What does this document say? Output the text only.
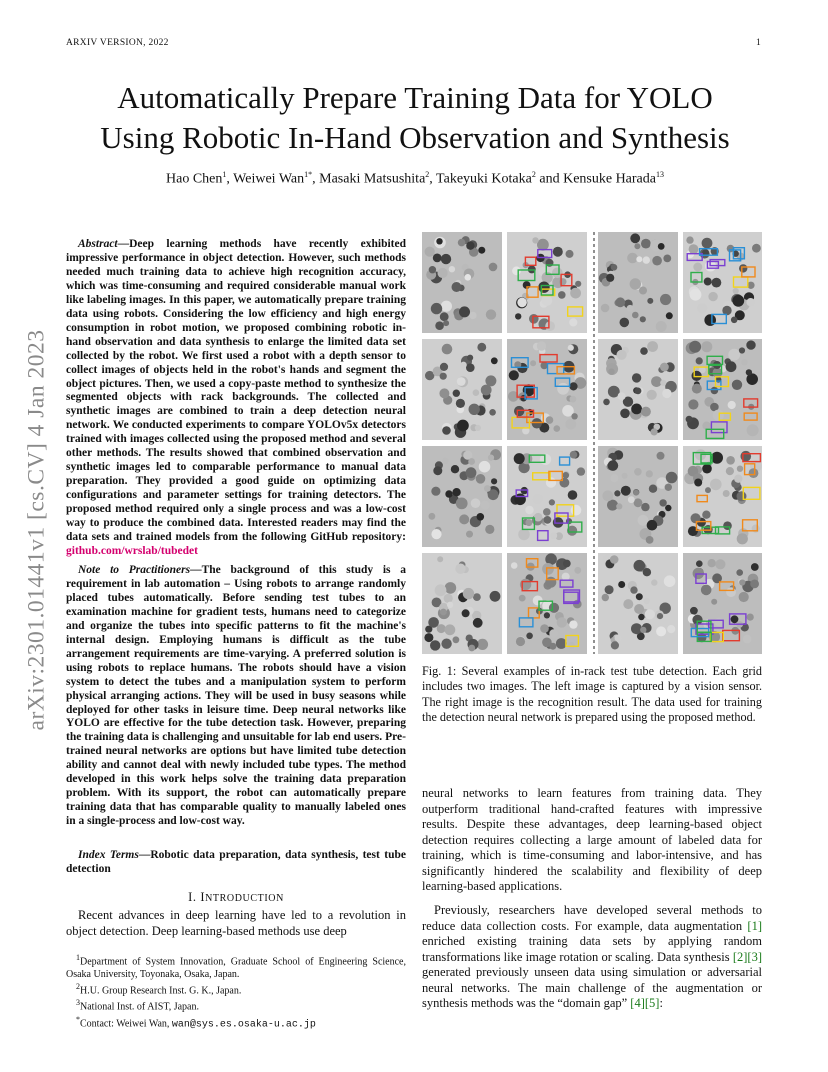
ARXIV VERSION, 2022	1
arXiv:2301.01441v1 [cs.CV] 4 Jan 2023
Automatically Prepare Training Data for YOLO
Using Robotic In-Hand Observation and Synthesis
Hao Chen$^1$, Weiwei Wan$^{1*}$, Masaki Matsushita$^2$, Takeyuki Kotaka$^2$ and Kensuke Harada$^{13}$
Abstract—Deep learning methods have recently exhibited impressive performance in object detection. However, such methods needed much training data to achieve high recognition accuracy, which was time-consuming and required considerable manual work like labeling images. In this paper, we automatically prepare training data using robots. Considering the low efficiency and high energy consumption in robot motion, we proposed combining robotic in-hand observation and data synthesis to enlarge the limited data set collected by the robot. We first used a robot with a depth sensor to collect images of objects held in the robot's hands and segment the object pictures. Then, we used a copy-paste method to synthesize the segmented objects with rack backgrounds. The collected and synthetic images are combined to train a deep detection neural network. We conducted experiments to compare YOLOv5x detectors trained with images collected using the proposed method and several other methods. The results showed that combined observation and synthetic images led to comparable performance to manual data preparation. They provided a good guide on optimizing data configurations and parameter settings for training detectors. The proposed method required only a single process and was a low-cost way to produce the combined data. Interested readers may find the data sets and trained models from the following GitHub repository: github.com/wrslab/tubedet
Note to Practitioners—The background of this study is a requirement in lab automation – Using robots to arrange randomly placed tubes automatically. Before sending test tubes to an examination machine for gradient tests, humans need to categorize and organize the tubes into specific patterns to fit the machine's internal design. Employing humans is difficult as the tube arrangement requirements are time-varying. A preferred solution is using robots to replace humans. The robots should have a vision system to detect the tubes and a manipulation system to perform physical arranging actions. They will be used in busy seasons while deployed for other tasks in leisure time. Deep neural networks like YOLO are effective for the tube detection task. However, preparing the training data is challenging and unsuitable for lab end users. Pre-trained neural networks are options but have limited tube detection ability and cannot deal with newly included tube types. The method developed in this work helps solve the training data preparation problem. With its support, the robot can automatically prepare training data that has comparable quality to manually labeled ones in a single-process and low-cost way.
Index Terms—Robotic data preparation, data synthesis, test tube detection
I. INTRODUCTION
Recent advances in deep learning have led to a revolution in object detection. Deep learning-based methods use deep
$^1$Department of System Innovation, Graduate School of Engineering Science, Osaka University, Toyonaka, Osaka, Japan.
$^2$H.U. Group Research Inst. G. K., Japan.
$^3$National Inst. of AIST, Japan.
*Contact: Weiwei Wan, wan@sys.es.osaka-u.ac.jp
Fig. 1: Several examples of in-rack test tube detection. Each grid includes two images. The left image is captured by a vision sensor. The right image is the recognition result. The data used for training the detection neural network is prepared using the proposed method.
neural networks to learn features from training data. They outperform traditional hand-crafted features with impressive results. Despite these advantages, deep learning-based object detection requires collecting a large amount of labeled data for training, which is time-consuming and labor-intensive, and has significantly hindered the scalability and flexibility of deep learning-based applications.
Previously, researchers have developed several methods to reduce data collection costs. For example, data augmentation [1] enriched existing training data sets by applying random transformations like image rotation or scaling. Data synthesis [2][3] generated previously unseen data using simulation or adversarial neural networks. The main challenge of the augmentation or synthesis methods was the “domain gap” [4][5]:
